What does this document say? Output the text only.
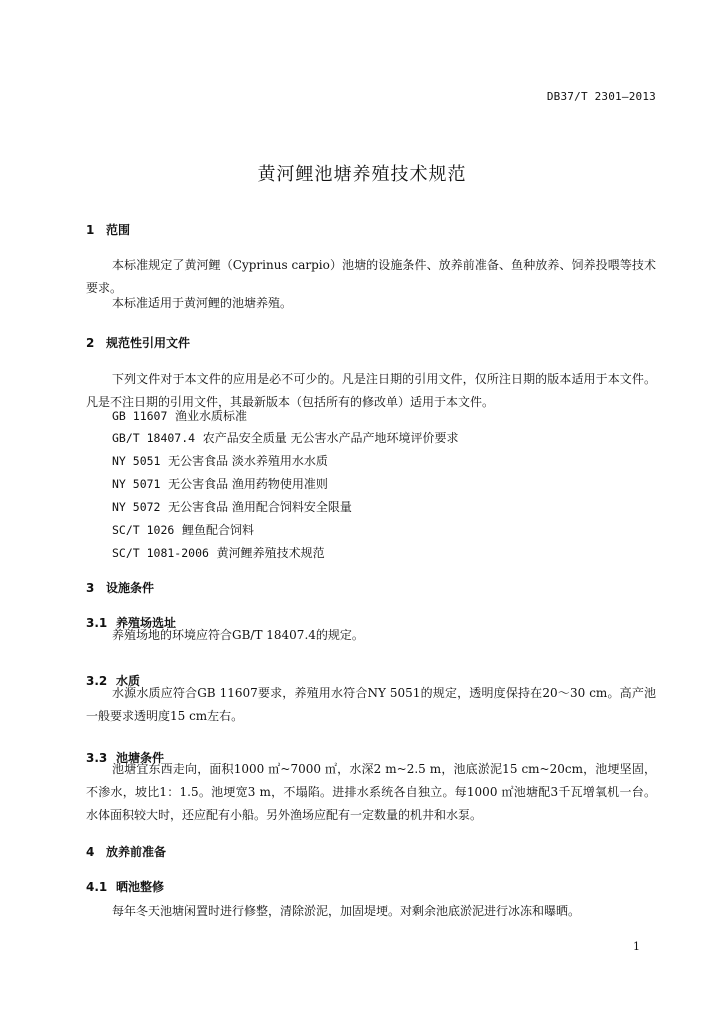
DB37/T 2301—2013
黄河鲤池塘养殖技术规范
1 范围
本标准规定了黄河鲤（Cyprinus carpio）池塘的设施条件、放养前准备、鱼种放养、饲养投喂等技术要求。
本标准适用于黄河鲤的池塘养殖。
2 规范性引用文件
下列文件对于本文件的应用是必不可少的。凡是注日期的引用文件，仅所注日期的版本适用于本文件。凡是不注日期的引用文件，其最新版本（包括所有的修改单）适用于本文件。
GB 11607 渔业水质标准
GB/T 18407.4 农产品安全质量 无公害水产品产地环境评价要求
NY 5051 无公害食品 淡水养殖用水水质
NY 5071 无公害食品 渔用药物使用准则
NY 5072 无公害食品 渔用配合饲料安全限量
SC/T 1026 鲤鱼配合饲料
SC/T 1081-2006 黄河鲤养殖技术规范
3 设施条件
3.1 养殖场选址
养殖场地的环境应符合GB/T 18407.4的规定。
3.2 水质
水源水质应符合GB 11607要求，养殖用水符合NY 5051的规定，透明度保持在20～30 cm。高产池一般要求透明度15 cm左右。
3.3 池塘条件
池塘宜东西走向，面积1000 ㎡~7000 ㎡，水深2 m~2.5 m，池底淤泥15 cm~20cm，池埂坚固，不渗水，坡比1：1.5。池埂宽3 m，不塌陷。进排水系统各自独立。每1000 ㎡池塘配3千瓦增氧机一台。水体面积较大时，还应配有小船。另外渔场应配有一定数量的机井和水泵。
4 放养前准备
4.1 晒池整修
每年冬天池塘闲置时进行修整，清除淤泥，加固堤埂。对剩余池底淤泥进行冰冻和曝晒。
1
